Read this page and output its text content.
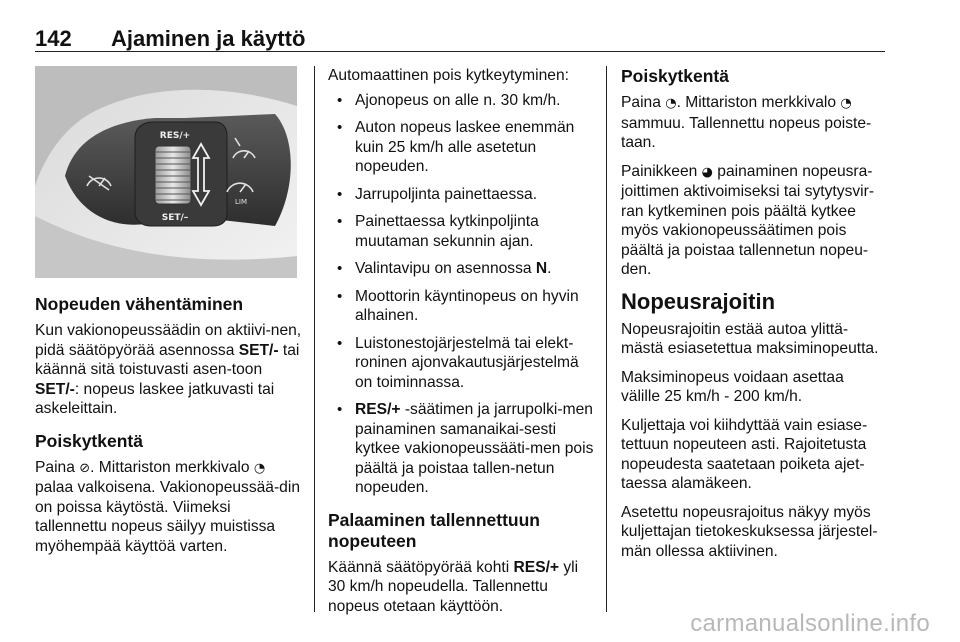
142 Ajaminen ja käyttö
RES/+
SET/–
LIM
Nopeuden vähentäminen

Kun vakionopeussäädin on aktiivi-nen, pidä säätöpyörää asennossa SET/- tai käännä sitä toistuvasti asen-toon SET/-: nopeus laskee jatkuvasti tai askeleittain.

Poiskytkentä

Paina ⊘. Mittariston merkkivalo ◔ palaa valkoisena. Vakionopeussää-din on poissa käytöstä. Viimeksi tallennettu nopeus säilyy muistissa myöhempää käyttöä varten.

Automaattinen pois kytkeytyminen:

• Ajonopeus on alle n. 30 km/h.
• Auton nopeus laskee enemmän kuin 25 km/h alle asetetun nopeuden.
• Jarrupoljinta painettaessa.
• Painettaessa kytkinpoljinta muutaman sekunnin ajan.
• Valintavipu on asennossa N.
• Moottorin käyntinopeus on hyvin alhainen.
• Luistonestojärjestelmä tai elekt-roninen ajonvakautusjärjestelmä on toiminnassa.
• RES/+ -säätimen ja jarrupolki-men painaminen samanaikai-sesti kytkee vakionopeussääti-men pois päältä ja poistaa tallen-netun nopeuden.
Palaaminen tallennettuun nopeuteen

Käännä säätöpyörää kohti RES/+ yli 30 km/h nopeudella. Tallennettu nopeus otetaan käyttöön.

Poiskytkentä

Paina ◔. Mittariston merkkivalo ◔ sammuu. Tallennettu nopeus poiste-taan.

Painikkeen ◕ painaminen nopeusra-joittimen aktivoimiseksi tai sytytysvir-ran kytkeminen pois päältä kytkee myös vakionopeussäätimen pois päältä ja poistaa tallennetun nopeu-den.

Nopeusrajoitin

Nopeusrajoitin estää autoa ylittä-mästä esiasetettua maksiminopeutta.

Maksiminopeus voidaan asettaa välille 25 km/h - 200 km/h.

Kuljettaja voi kiihdyttää vain esiase-tettuun nopeuteen asti. Rajoitetusta nopeudesta saatetaan poiketa ajet-taessa alamäkeen.

Asetettu nopeusrajoitus näkyy myös kuljettajan tietokeskuksessa järjestel-män ollessa aktiivinen.

carmanualsonline.info
